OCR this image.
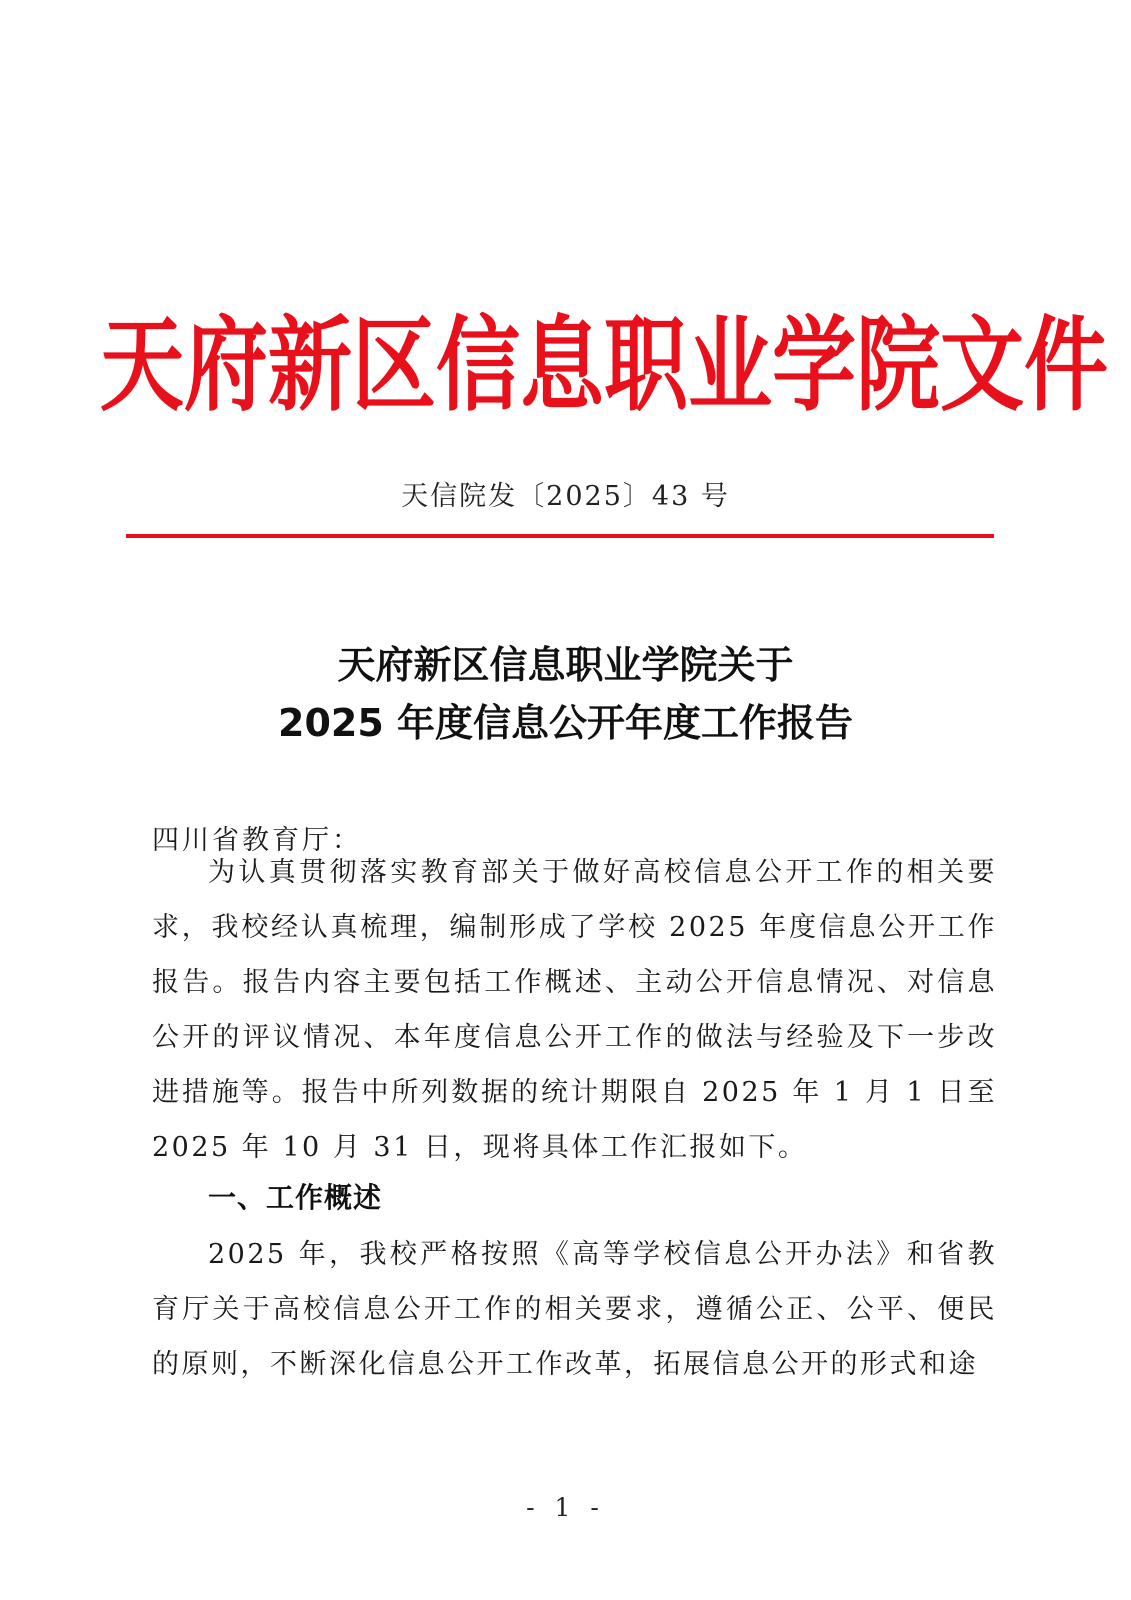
天府新区信息职业学院文件
天信院发〔2025〕43 号
天府新区信息职业学院关于
2025 年度信息公开年度工作报告
四川省教育厅：

为认真贯彻落实教育部关于做好高校信息公开工作的相关要求，我校经认真梳理，编制形成了学校 2025 年度信息公开工作报告。报告内容主要包括工作概述、主动公开信息情况、对信息公开的评议情况、本年度信息公开工作的做法与经验及下一步改进措施等。报告中所列数据的统计期限自 2025 年 1 月 1 日至 2025 年 10 月 31 日，现将具体工作汇报如下。

一、工作概述

2025 年，我校严格按照《高等学校信息公开办法》和省教育厅关于高校信息公开工作的相关要求，遵循公正、公平、便民的原则，不断深化信息公开工作改革，拓展信息公开的形式和途

- 1 -
